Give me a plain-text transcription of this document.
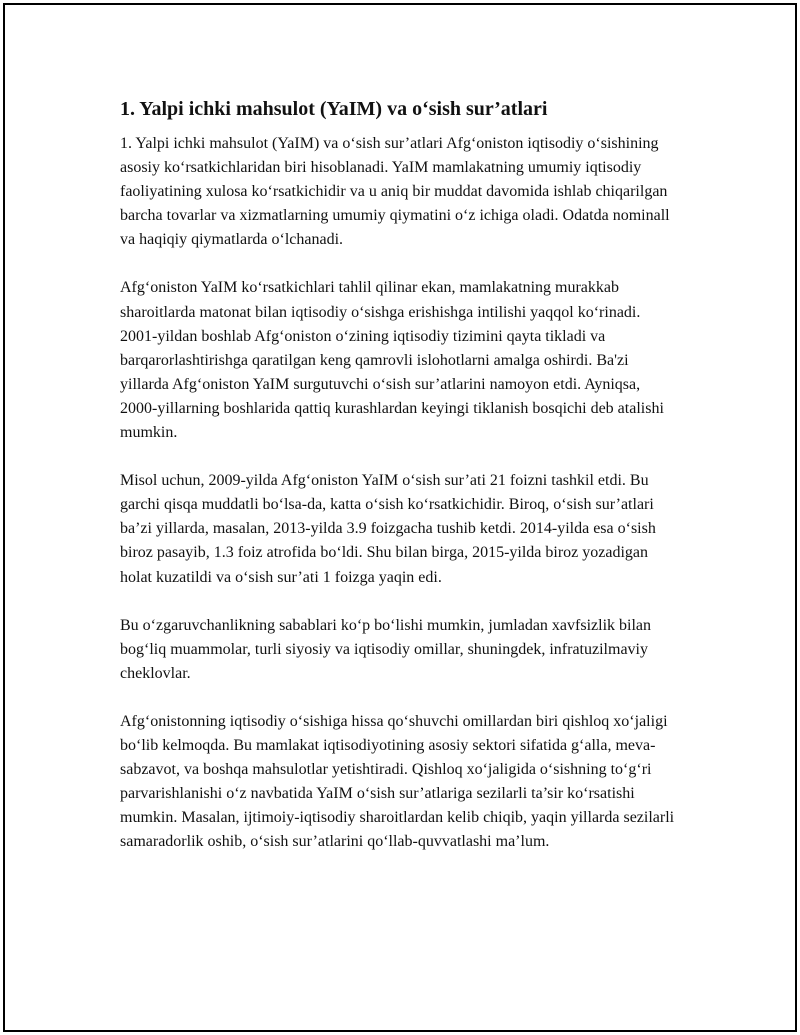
1. Yalpi ichki mahsulot (YaIM) va o‘sish sur’atlari

1. Yalpi ichki mahsulot (YaIM) va o‘sish sur’atlari Afg‘oniston iqtisodiy o‘sishining asosiy ko‘rsatkichlaridan biri hisoblanadi. YaIM mamlakatning umumiy iqtisodiy faoliyatining xulosa ko‘rsatkichidir va u aniq bir muddat davomida ishlab chiqarilgan barcha tovarlar va xizmatlarning umumiy qiymatini o‘z ichiga oladi. Odatda nominall va haqiqiy qiymatlarda o‘lchanadi.

Afg‘oniston YaIM ko‘rsatkichlari tahlil qilinar ekan, mamlakatning murakkab sharoitlarda matonat bilan iqtisodiy o‘sishga erishishga intilishi yaqqol ko‘rinadi. 2001-yildan boshlab Afg‘oniston o‘zining iqtisodiy tizimini qayta tikladi va barqarorlashtirishga qaratilgan keng qamrovli islohotlarni amalga oshirdi. Ba'zi yillarda Afg‘oniston YaIM surgutuvchi o‘sish sur’atlarini namoyon etdi. Ayniqsa, 2000-yillarning boshlarida qattiq kurashlardan keyingi tiklanish bosqichi deb atalishi mumkin.

Misol uchun, 2009-yilda Afg‘oniston YaIM o‘sish sur’ati 21 foizni tashkil etdi. Bu garchi qisqa muddatli bo‘lsa-da, katta o‘sish ko‘rsatkichidir. Biroq, o‘sish sur’atlari ba’zi yillarda, masalan, 2013-yilda 3.9 foizgacha tushib ketdi. 2014-yilda esa o‘sish biroz pasayib, 1.3 foiz atrofida bo‘ldi. Shu bilan birga, 2015-yilda biroz yozadigan holat kuzatildi va o‘sish sur’ati 1 foizga yaqin edi.

Bu o‘zgaruvchanlikning sabablari ko‘p bo‘lishi mumkin, jumladan xavfsizlik bilan bog‘liq muammolar, turli siyosiy va iqtisodiy omillar, shuningdek, infratuzilmaviy cheklovlar.

Afg‘onistonning iqtisodiy o‘sishiga hissa qo‘shuvchi omillardan biri qishloq xo‘jaligi bo‘lib kelmoqda. Bu mamlakat iqtisodiyotining asosiy sektori sifatida g‘alla, meva-sabzavot, va boshqa mahsulotlar yetishtiradi. Qishloq xo‘jaligida o‘sishning to‘g‘ri parvarishlanishi o‘z navbatida YaIM o‘sish sur’atlariga sezilarli ta’sir ko‘rsatishi mumkin. Masalan, ijtimoiy-iqtisodiy sharoitlardan kelib chiqib, yaqin yillarda sezilarli samaradorlik oshib, o‘sish sur’atlarini qo‘llab-quvvatlashi ma’lum.
